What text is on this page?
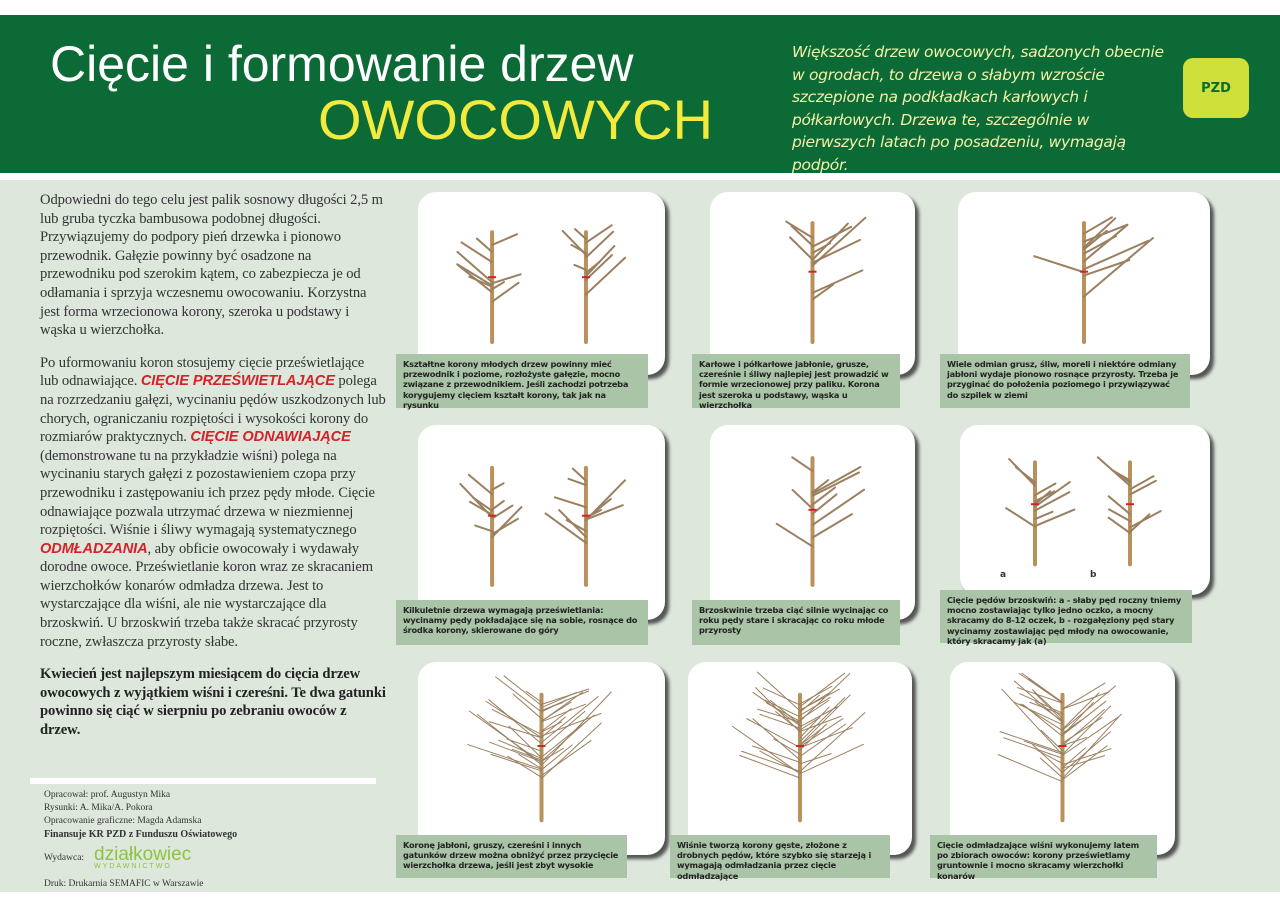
Cięcie i formowanie drzew
OWOCOWYCH
Większość drzew owocowych, sadzonych obecnie w ogrodach, to drzewa o słabym wzroście szczepione na podkładkach karłowych i półkarłowych. Drzewa te, szczególnie w pierwszych latach po posadzeniu, wymagają podpór.
PZD

Odpowiedni do tego celu jest palik sosnowy długości 2,5 m lub gruba tyczka bambusowa podobnej długości. Przywiązujemy do podpory pień drzewka i pionowo przewodnik. Gałęzie powinny być osadzone na przewodniku pod szerokim kątem, co zabezpiecza je od odłamania i sprzyja wczesnemu owocowaniu. Korzystna jest forma wrzecionowa korony, szeroka u podstawy i wąska u wierzchołka.

Po uformowaniu koron stosujemy cięcie prześwietlające lub odnawiające. CIĘCIE PRZEŚWIETLAJĄCE polega na rozrzedzaniu gałęzi, wycinaniu pędów uszkodzonych lub chorych, ograniczaniu rozpiętości i wysokości korony do rozmiarów praktycznych. CIĘCIE ODNAWIAJĄCE (demonstrowane tu na przykładzie wiśni) polega na wycinaniu starych gałęzi z pozostawieniem czopa przy przewodniku i zastępowaniu ich przez pędy młode. Cięcie odnawiające pozwala utrzymać drzewa w niezmiennej rozpiętości. Wiśnie i śliwy wymagają systematycznego ODMŁADZANIA, aby obficie owocowały i wydawały dorodne owoce. Prześwietlanie koron wraz ze skracaniem wierzchołków konarów odmładza drzewa. Jest to wystarczające dla wiśni, ale nie wystarczające dla brzoskwiń. U brzoskwiń trzeba także skracać przyrosty roczne, zwłaszcza przyrosty słabe.

Kwiecień jest najlepszym miesiącem do cięcia drzew owocowych z wyjątkiem wiśni i czereśni. Te dwa gatunki powinno się ciąć w sierpniu po zebraniu owoców z drzew.

Opracował: prof. Augustyn Mika
Rysunki: A. Mika/A. Pokora
Opracowanie graficzne: Magda Adamska
Finansuje KR PZD z Funduszu Oświatowego
Wydawca: działkowiec
WYDAWNICTWO
Druk: Drukarnia SEMAFIC w Warszawie
Kształtne korony młodych drzew powinny mieć przewodnik i poziome, rozłożyste gałęzie, mocno związane z przewodnikiem. Jeśli zachodzi potrzeba korygujemy cięciem kształt korony, tak jak na rysunku
Karłowe i półkarłowe jabłonie, grusze, czereśnie i śliwy najlepiej jest prowadzić w formie wrzecionowej przy paliku. Korona jest szeroka u podstawy, wąska u wierzchołka
Wiele odmian grusz, śliw, moreli i niektóre odmiany jabłoni wydaje pionowo rosnące przyrosty. Trzeba je przyginać do położenia poziomego i przywiązywać do szpilek w ziemi
Kilkuletnie drzewa wymagają prześwietlania: wycinamy pędy pokładające się na sobie, rosnące do środka korony, skierowane do góry
Brzoskwinie trzeba ciąć silnie wycinając co roku pędy stare i skracając co roku młode przyrosty
a	b
Cięcie pędów brzoskwiń: a - słaby pęd roczny tniemy mocno zostawiając tylko jedno oczko, a mocny skracamy do 8-12 oczek, b - rozgałęziony pęd stary wycinamy zostawiając pęd młody na owocowanie, który skracamy jak (a)
Koronę jabłoni, gruszy, czereśni i innych gatunków drzew można obniżyć przez przycięcie wierzchołka drzewa, jeśli jest zbyt wysokie
Wiśnie tworzą korony gęste, złożone z drobnych pędów, które szybko się starzeją i wymagają odmładzania przez cięcie odmładzające
Cięcie odmładzające wiśni wykonujemy latem po zbiorach owoców: korony prześwietlamy gruntownie i mocno skracamy wierzchołki konarów
